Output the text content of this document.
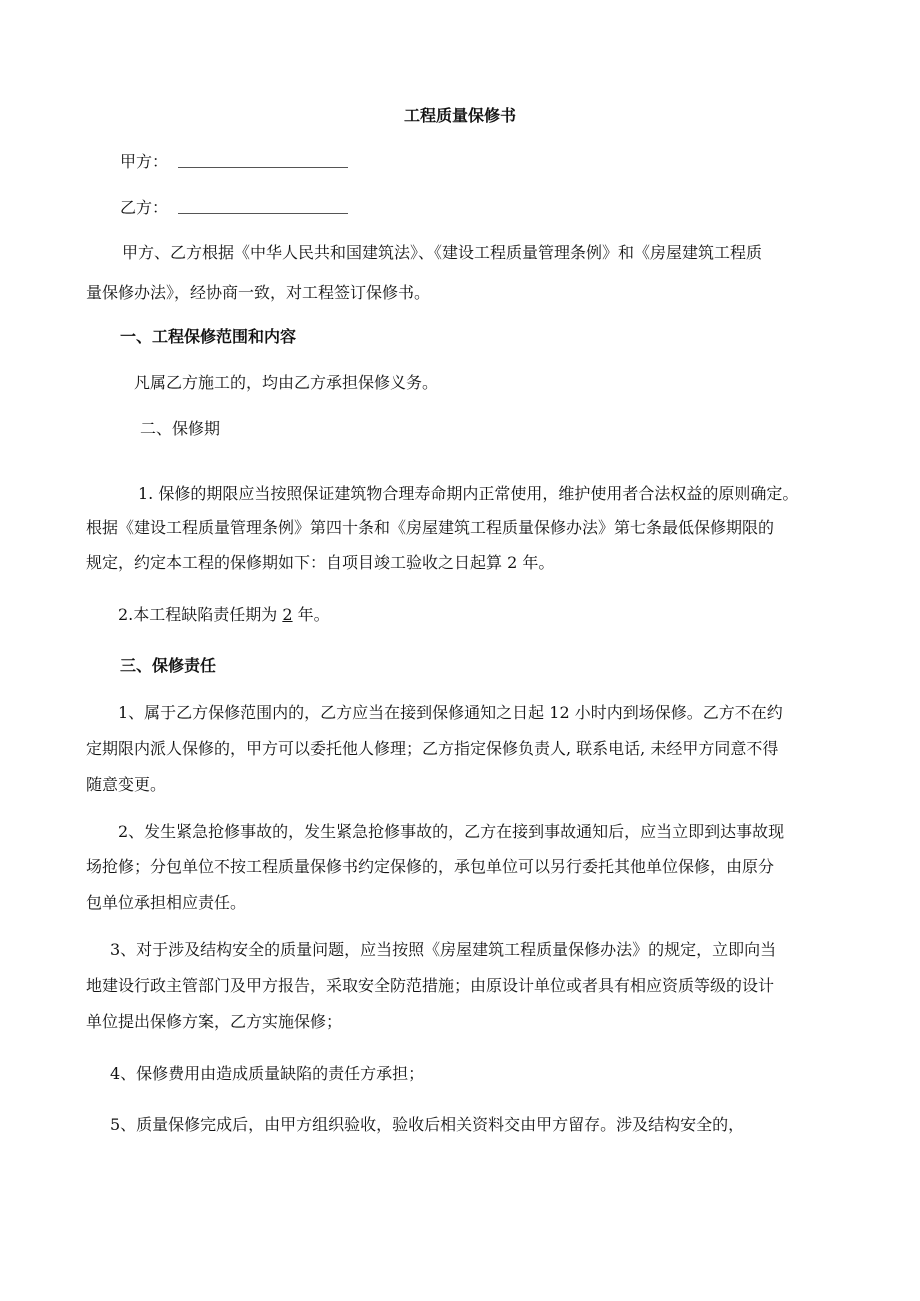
工程质量保修书
甲方：
乙方：
甲方、乙方根据《中华人民共和国建筑法》、《建设工程质量管理条例》和《房屋建筑工程质
量保修办法》，经协商一致，对工程签订保修书。
一、工程保修范围和内容
凡属乙方施工的，均由乙方承担保修义务。
二、保修期
1. 保修的期限应当按照保证建筑物合理寿命期内正常使用，维护使用者合法权益的原则确定。
根据《建设工程质量管理条例》第四十条和《房屋建筑工程质量保修办法》第七条最低保修期限的
规定，约定本工程的保修期如下：自项目竣工验收之日起算 2 年。
2.本工程缺陷责任期为 2 年。
三、保修责任
1、属于乙方保修范围内的，乙方应当在接到保修通知之日起 12 小时内到场保修。乙方不在约
定期限内派人保修的，甲方可以委托他人修理；乙方指定保修负责人, 联系电话, 未经甲方同意不得
随意变更。
2、发生紧急抢修事故的，发生紧急抢修事故的，乙方在接到事故通知后，应当立即到达事故现
场抢修；分包单位不按工程质量保修书约定保修的，承包单位可以另行委托其他单位保修，由原分
包单位承担相应责任。
3、对于涉及结构安全的质量问题，应当按照《房屋建筑工程质量保修办法》的规定，立即向当
地建设行政主管部门及甲方报告，采取安全防范措施；由原设计单位或者具有相应资质等级的设计
单位提出保修方案，乙方实施保修；
4、保修费用由造成质量缺陷的责任方承担；
5、质量保修完成后，由甲方组织验收，验收后相关资料交由甲方留存。涉及结构安全的，
